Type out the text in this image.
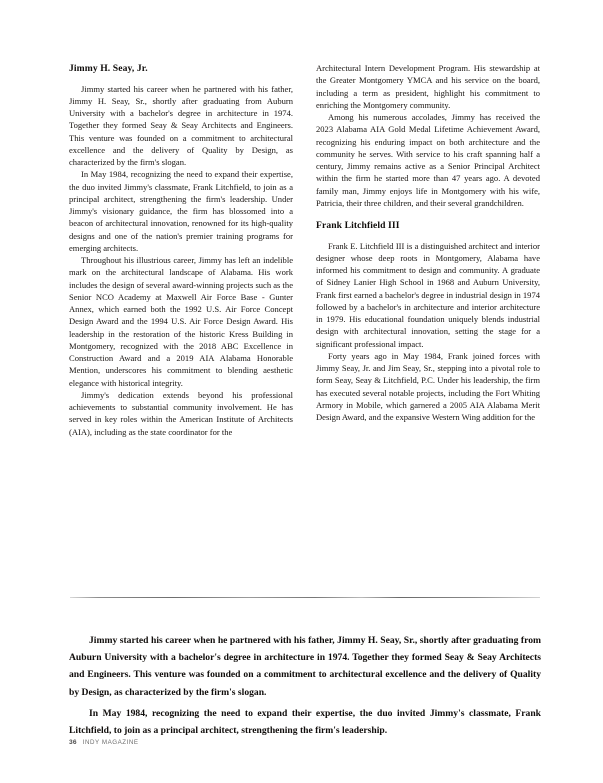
Jimmy H. Seay, Jr.

Jimmy started his career when he partnered with his father, Jimmy H. Seay, Sr., shortly after graduating from Auburn University with a bachelor's degree in architecture in 1974. Together they formed Seay & Seay Architects and Engineers. This venture was founded on a commitment to architectural excellence and the delivery of Quality by Design, as characterized by the firm's slogan.

In May 1984, recognizing the need to expand their expertise, the duo invited Jimmy's classmate, Frank Litchfield, to join as a principal architect, strengthening the firm's leadership. Under Jimmy's visionary guidance, the firm has blossomed into a beacon of architectural innovation, renowned for its high-quality designs and one of the nation's premier training programs for emerging architects.

Throughout his illustrious career, Jimmy has left an indelible mark on the architectural landscape of Alabama. His work includes the design of several award-winning projects such as the Senior NCO Academy at Maxwell Air Force Base - Gunter Annex, which earned both the 1992 U.S. Air Force Concept Design Award and the 1994 U.S. Air Force Design Award. His leadership in the restoration of the historic Kress Building in Montgomery, recognized with the 2018 ABC Excellence in Construction Award and a 2019 AIA Alabama Honorable Mention, underscores his commitment to blending aesthetic elegance with historical integrity.

Jimmy's dedication extends beyond his professional achievements to substantial community involvement. He has served in key roles within the American Institute of Architects (AIA), including as the state coordinator for the

Architectural Intern Development Program. His stewardship at the Greater Montgomery YMCA and his service on the board, including a term as president, highlight his commitment to enriching the Montgomery community.

Among his numerous accolades, Jimmy has received the 2023 Alabama AIA Gold Medal Lifetime Achievement Award, recognizing his enduring impact on both architecture and the community he serves. With service to his craft spanning half a century, Jimmy remains active as a Senior Principal Architect within the firm he started more than 47 years ago. A devoted family man, Jimmy enjoys life in Montgomery with his wife, Patricia, their three children, and their several grandchildren.

Frank Litchfield III

Frank E. Litchfield III is a distinguished architect and interior designer whose deep roots in Montgomery, Alabama have informed his commitment to design and community. A graduate of Sidney Lanier High School in 1968 and Auburn University, Frank first earned a bachelor's degree in industrial design in 1974 followed by a bachelor's in architecture and interior architecture in 1979. His educational foundation uniquely blends industrial design with architectural innovation, setting the stage for a significant professional impact.

Forty years ago in May 1984, Frank joined forces with Jimmy Seay, Jr. and Jim Seay, Sr., stepping into a pivotal role to form Seay, Seay & Litchfield, P.C. Under his leadership, the firm has executed several notable projects, including the Fort Whiting Armory in Mobile, which garnered a 2005 AIA Alabama Merit Design Award, and the expansive Western Wing addition for the

Jimmy started his career when he partnered with his father, Jimmy H. Seay, Sr., shortly after graduating from Auburn University with a bachelor's degree in architecture in 1974. Together they formed Seay & Seay Architects and Engineers. This venture was founded on a commitment to architectural excellence and the delivery of Quality by Design, as characterized by the firm's slogan.

In May 1984, recognizing the need to expand their expertise, the duo invited Jimmy's classmate, Frank Litchfield, to join as a principal architect, strengthening the firm's leadership.

36 INDY MAGAZINE
